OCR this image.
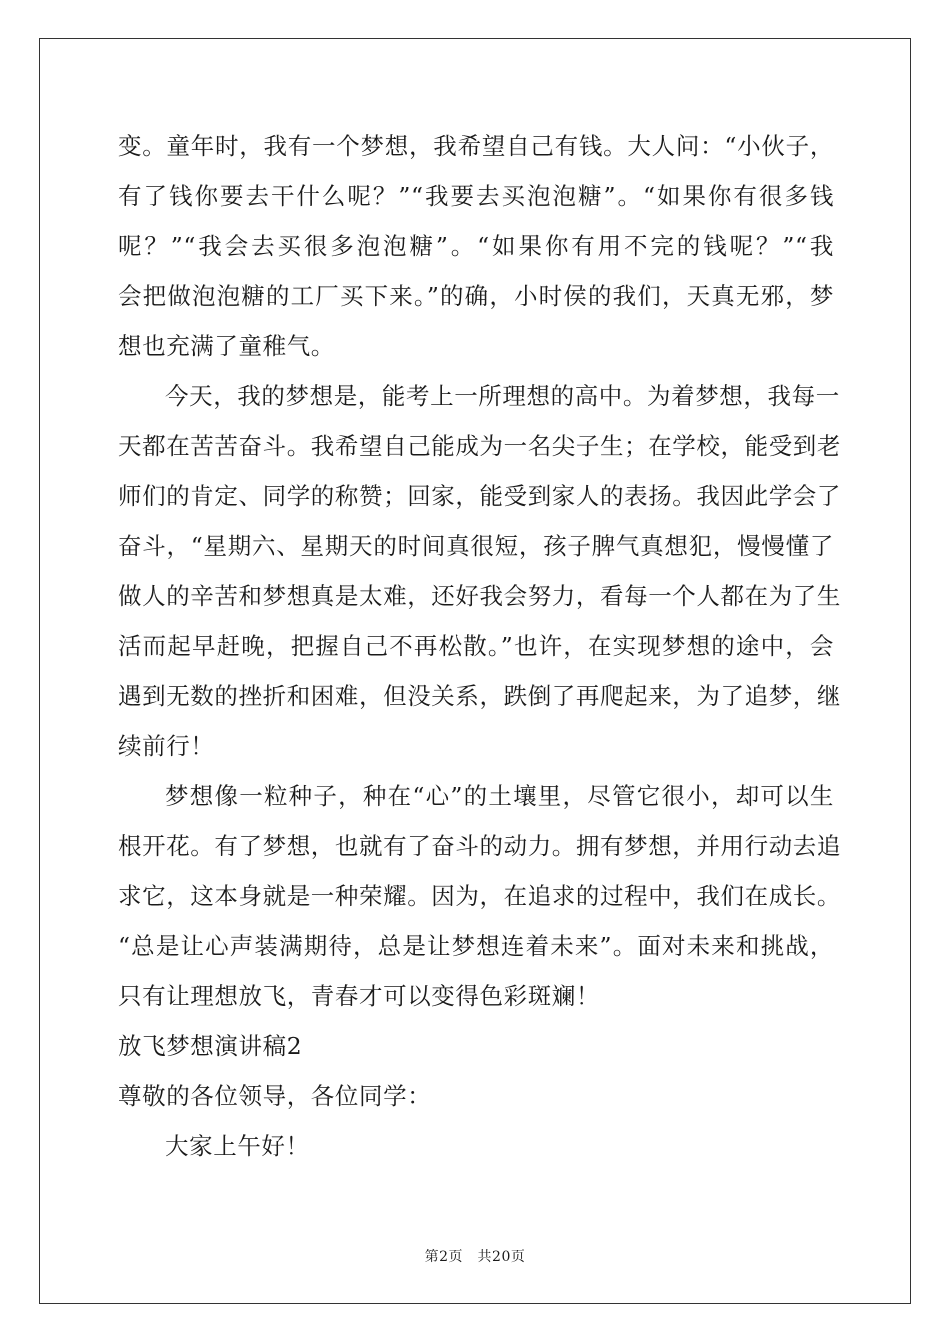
变。童年时，我有一个梦想，我希望自己有钱。大人问：“小伙子，
有了钱你要去干什么呢？”“我要去买泡泡糖”。“如果你有很多钱
呢？”“我会去买很多泡泡糖”。“如果你有用不完的钱呢？”“我
会把做泡泡糖的工厂买下来。”的确，小时侯的我们，天真无邪，梦
想也充满了童稚气。
今天，我的梦想是，能考上一所理想的高中。为着梦想，我每一
天都在苦苦奋斗。我希望自己能成为一名尖子生；在学校，能受到老
师们的肯定、同学的称赞；回家，能受到家人的表扬。我因此学会了
奋斗，“星期六、星期天的时间真很短，孩子脾气真想犯，慢慢懂了
做人的辛苦和梦想真是太难，还好我会努力，看每一个人都在为了生
活而起早赶晚，把握自己不再松散。”也许，在实现梦想的途中，会
遇到无数的挫折和困难，但没关系，跌倒了再爬起来，为了追梦，继
续前行！
梦想像一粒种子，种在“心”的土壤里，尽管它很小，却可以生
根开花。有了梦想，也就有了奋斗的动力。拥有梦想，并用行动去追
求它，这本身就是一种荣耀。因为，在追求的过程中，我们在成长。
“总是让心声装满期待，总是让梦想连着未来”。面对未来和挑战，
只有让理想放飞，青春才可以变得色彩斑斓！
放飞梦想演讲稿2
尊敬的各位领导，各位同学：
大家上午好！
第2页　共20页
